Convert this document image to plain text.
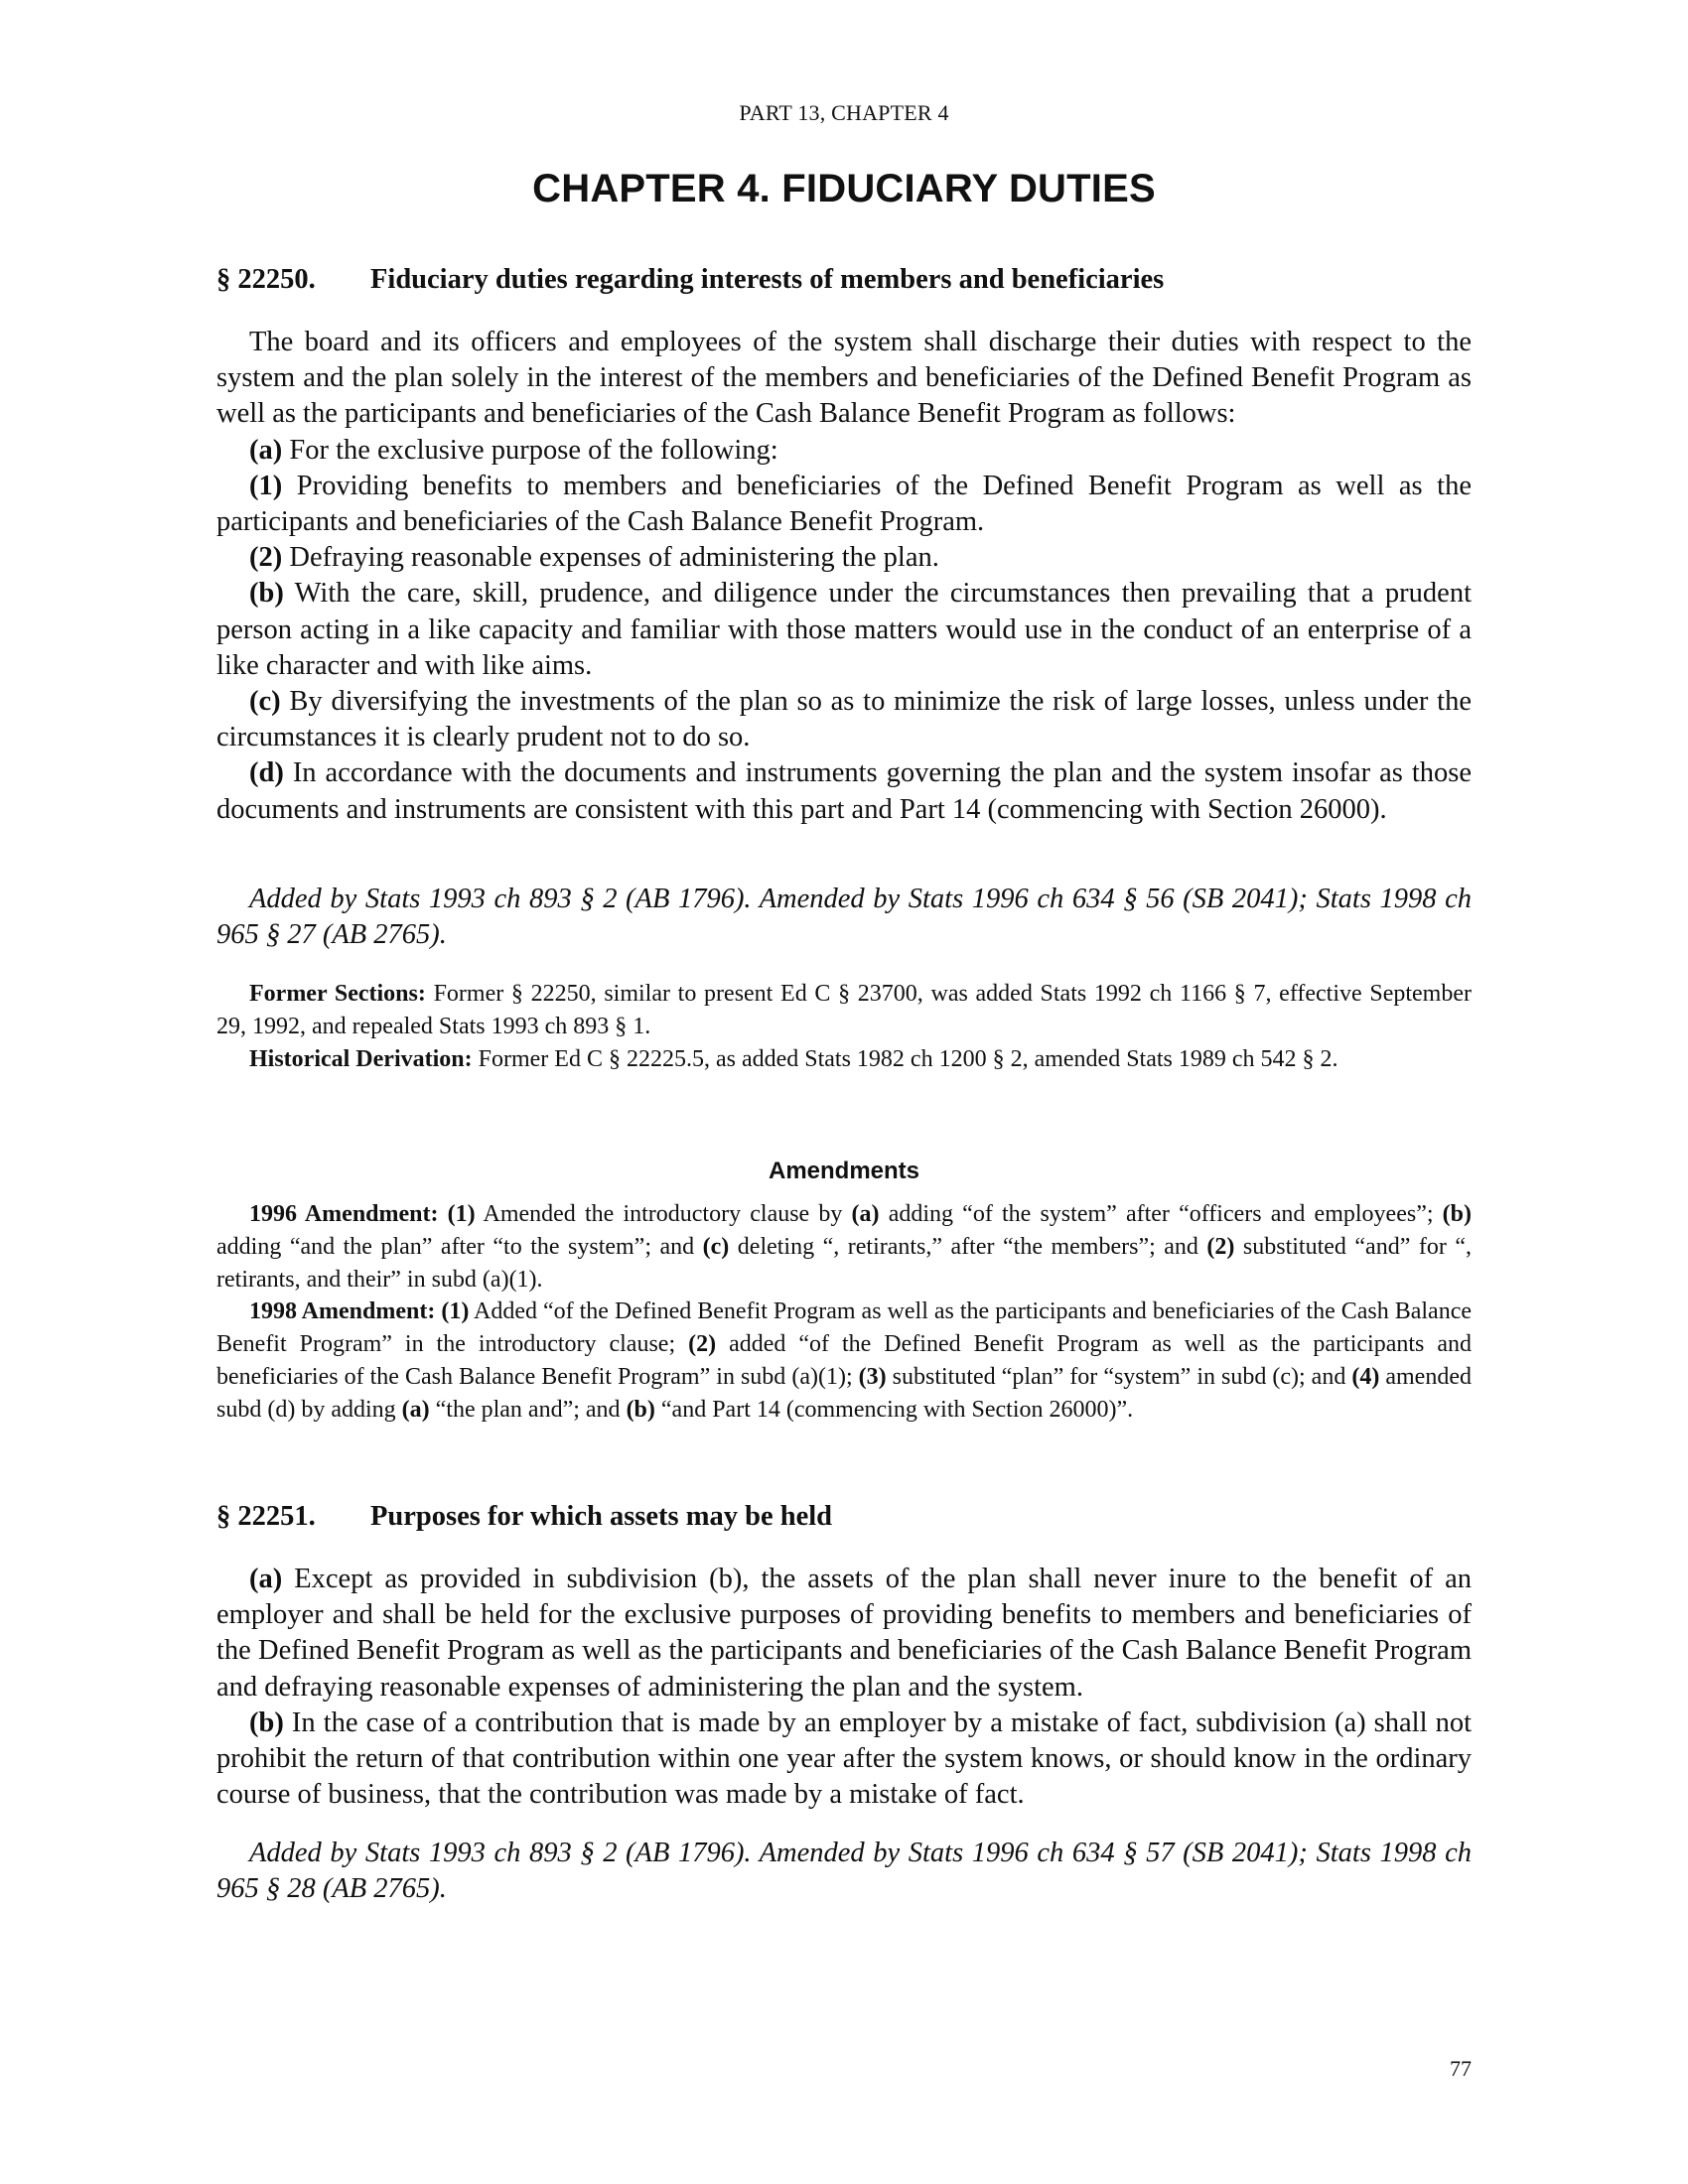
PART 13, CHAPTER 4
CHAPTER 4. FIDUCIARY DUTIES
§ 22250. Fiduciary duties regarding interests of members and beneficiaries

The board and its officers and employees of the system shall discharge their duties with respect to the system and the plan solely in the interest of the members and beneficiaries of the Defined Benefit Program as well as the participants and beneficiaries of the Cash Balance Benefit Program as follows:

(a) For the exclusive purpose of the following:

(1) Providing benefits to members and beneficiaries of the Defined Benefit Program as well as the participants and beneficiaries of the Cash Balance Benefit Program.

(2) Defraying reasonable expenses of administering the plan.

(b) With the care, skill, prudence, and diligence under the circumstances then prevailing that a prudent person acting in a like capacity and familiar with those matters would use in the conduct of an enterprise of a like character and with like aims.

(c) By diversifying the investments of the plan so as to minimize the risk of large losses, unless under the circumstances it is clearly prudent not to do so.

(d) In accordance with the documents and instruments governing the plan and the system insofar as those documents and instruments are consistent with this part and Part 14 (commencing with Section 26000).

Added by Stats 1993 ch 893 § 2 (AB 1796). Amended by Stats 1996 ch 634 § 56 (SB 2041); Stats 1998 ch 965 § 27 (AB 2765).

Former Sections: Former § 22250, similar to present Ed C § 23700, was added Stats 1992 ch 1166 § 7, effective September 29, 1992, and repealed Stats 1993 ch 893 § 1.

Historical Derivation: Former Ed C § 22225.5, as added Stats 1982 ch 1200 § 2, amended Stats 1989 ch 542 § 2.

Amendments

1996 Amendment: (1) Amended the introductory clause by (a) adding “of the system” after “officers and employees”; (b) adding “and the plan” after “to the system”; and (c) deleting “, retirants,” after “the members”; and (2) substituted “and” for “, retirants, and their” in subd (a)(1).

1998 Amendment: (1) Added “of the Defined Benefit Program as well as the participants and beneficiaries of the Cash Balance Benefit Program” in the introductory clause; (2) added “of the Defined Benefit Program as well as the participants and beneficiaries of the Cash Balance Benefit Program” in subd (a)(1); (3) substituted “plan” for “system” in subd (c); and (4) amended subd (d) by adding (a) “the plan and”; and (b) “and Part 14 (commencing with Section 26000)”.

§ 22251. Purposes for which assets may be held

(a) Except as provided in subdivision (b), the assets of the plan shall never inure to the benefit of an employer and shall be held for the exclusive purposes of providing benefits to members and beneficiaries of the Defined Benefit Program as well as the participants and beneficiaries of the Cash Balance Benefit Program and defraying reasonable expenses of administering the plan and the system.

(b) In the case of a contribution that is made by an employer by a mistake of fact, subdivision (a) shall not prohibit the return of that contribution within one year after the system knows, or should know in the ordinary course of business, that the contribution was made by a mistake of fact.

Added by Stats 1993 ch 893 § 2 (AB 1796). Amended by Stats 1996 ch 634 § 57 (SB 2041); Stats 1998 ch 965 § 28 (AB 2765).

77
